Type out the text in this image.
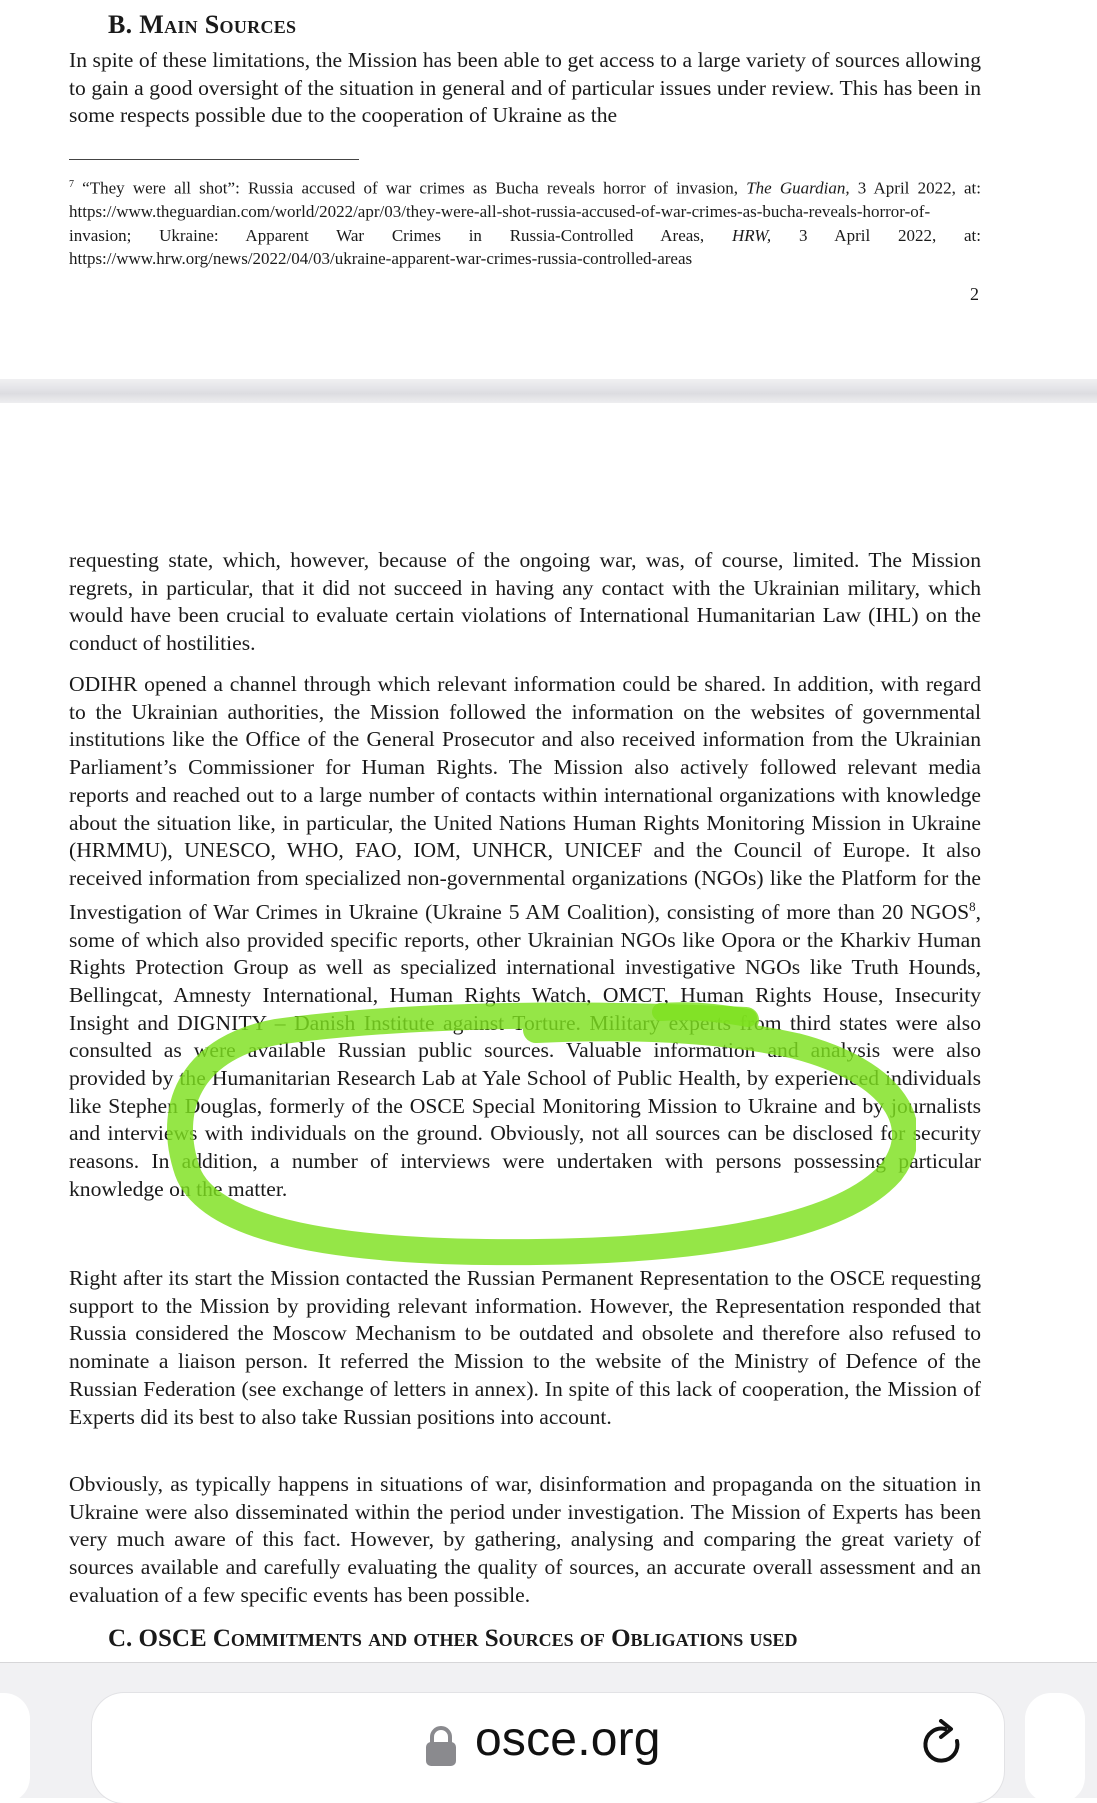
B. Main Sources

In spite of these limitations, the Mission has been able to get access to a large variety of sources allowing to gain a good oversight of the situation in general and of particular issues under review. This has been in some respects possible due to the cooperation of Ukraine as the

$^7$ “They were all shot”: Russia accused of war crimes as Bucha reveals horror of invasion, The Guardian, 3 April 2022, at: https://www.theguardian.com/world/2022/apr/03/they-were-all-shot-russia-accused-of-war-crimes-as-bucha-reveals-horror-of-invasion; Ukraine: Apparent War Crimes in Russia-Controlled Areas, HRW, 3 April 2022, at: https://www.hrw.org/news/2022/04/03/ukraine-apparent-war-crimes-russia-controlled-areas

2

requesting state, which, however, because of the ongoing war, was, of course, limited. The Mission regrets, in particular, that it did not succeed in having any contact with the Ukrainian military, which would have been crucial to evaluate certain violations of International Humanitarian Law (IHL) on the conduct of hostilities.

ODIHR opened a channel through which relevant information could be shared. In addition, with regard to the Ukrainian authorities, the Mission followed the information on the websites of governmental institutions like the Office of the General Prosecutor and also received information from the Ukrainian Parliament’s Commissioner for Human Rights. The Mission also actively followed relevant media reports and reached out to a large number of contacts within international organizations with knowledge about the situation like, in particular, the United Nations Human Rights Monitoring Mission in Ukraine (HRMMU), UNESCO, WHO, FAO, IOM, UNHCR, UNICEF and the Council of Europe. It also received information from specialized non-governmental organizations (NGOs) like the Platform for the Investigation of War Crimes in Ukraine (Ukraine 5 AM Coalition), consisting of more than 20 NGOS$^8$, some of which also provided specific reports, other Ukrainian NGOs like Opora or the Kharkiv Human Rights Protection Group as well as specialized international investigative NGOs like Truth Hounds, Bellingcat, Amnesty International, Human Rights Watch, OMCT, Human Rights House, Insecurity Insight and DIGNITY – Danish Institute against Torture. Military experts from third states were also consulted as were available Russian public sources. Valuable information and analysis were also provided by the Humanitarian Research Lab at Yale School of Public Health, by experienced individuals like Stephen Douglas, formerly of the OSCE Special Monitoring Mission to Ukraine and by journalists and interviews with individuals on the ground. Obviously, not all sources can be disclosed for security reasons. In addition, a number of interviews were undertaken with persons possessing particular knowledge on the matter.

Right after its start the Mission contacted the Russian Permanent Representation to the OSCE requesting support to the Mission by providing relevant information. However, the Representation responded that Russia considered the Moscow Mechanism to be outdated and obsolete and therefore also refused to nominate a liaison person. It referred the Mission to the website of the Ministry of Defence of the Russian Federation (see exchange of letters in annex). In spite of this lack of cooperation, the Mission of Experts did its best to also take Russian positions into account.

Obviously, as typically happens in situations of war, disinformation and propaganda on the situation in Ukraine were also disseminated within the period under investigation. The Mission of Experts has been very much aware of this fact. However, by gathering, analysing and comparing the great variety of sources available and carefully evaluating the quality of sources, an accurate overall assessment and an evaluation of a few specific events has been possible.

C. OSCE Commitments and other Sources of Obligations used
osce.org
